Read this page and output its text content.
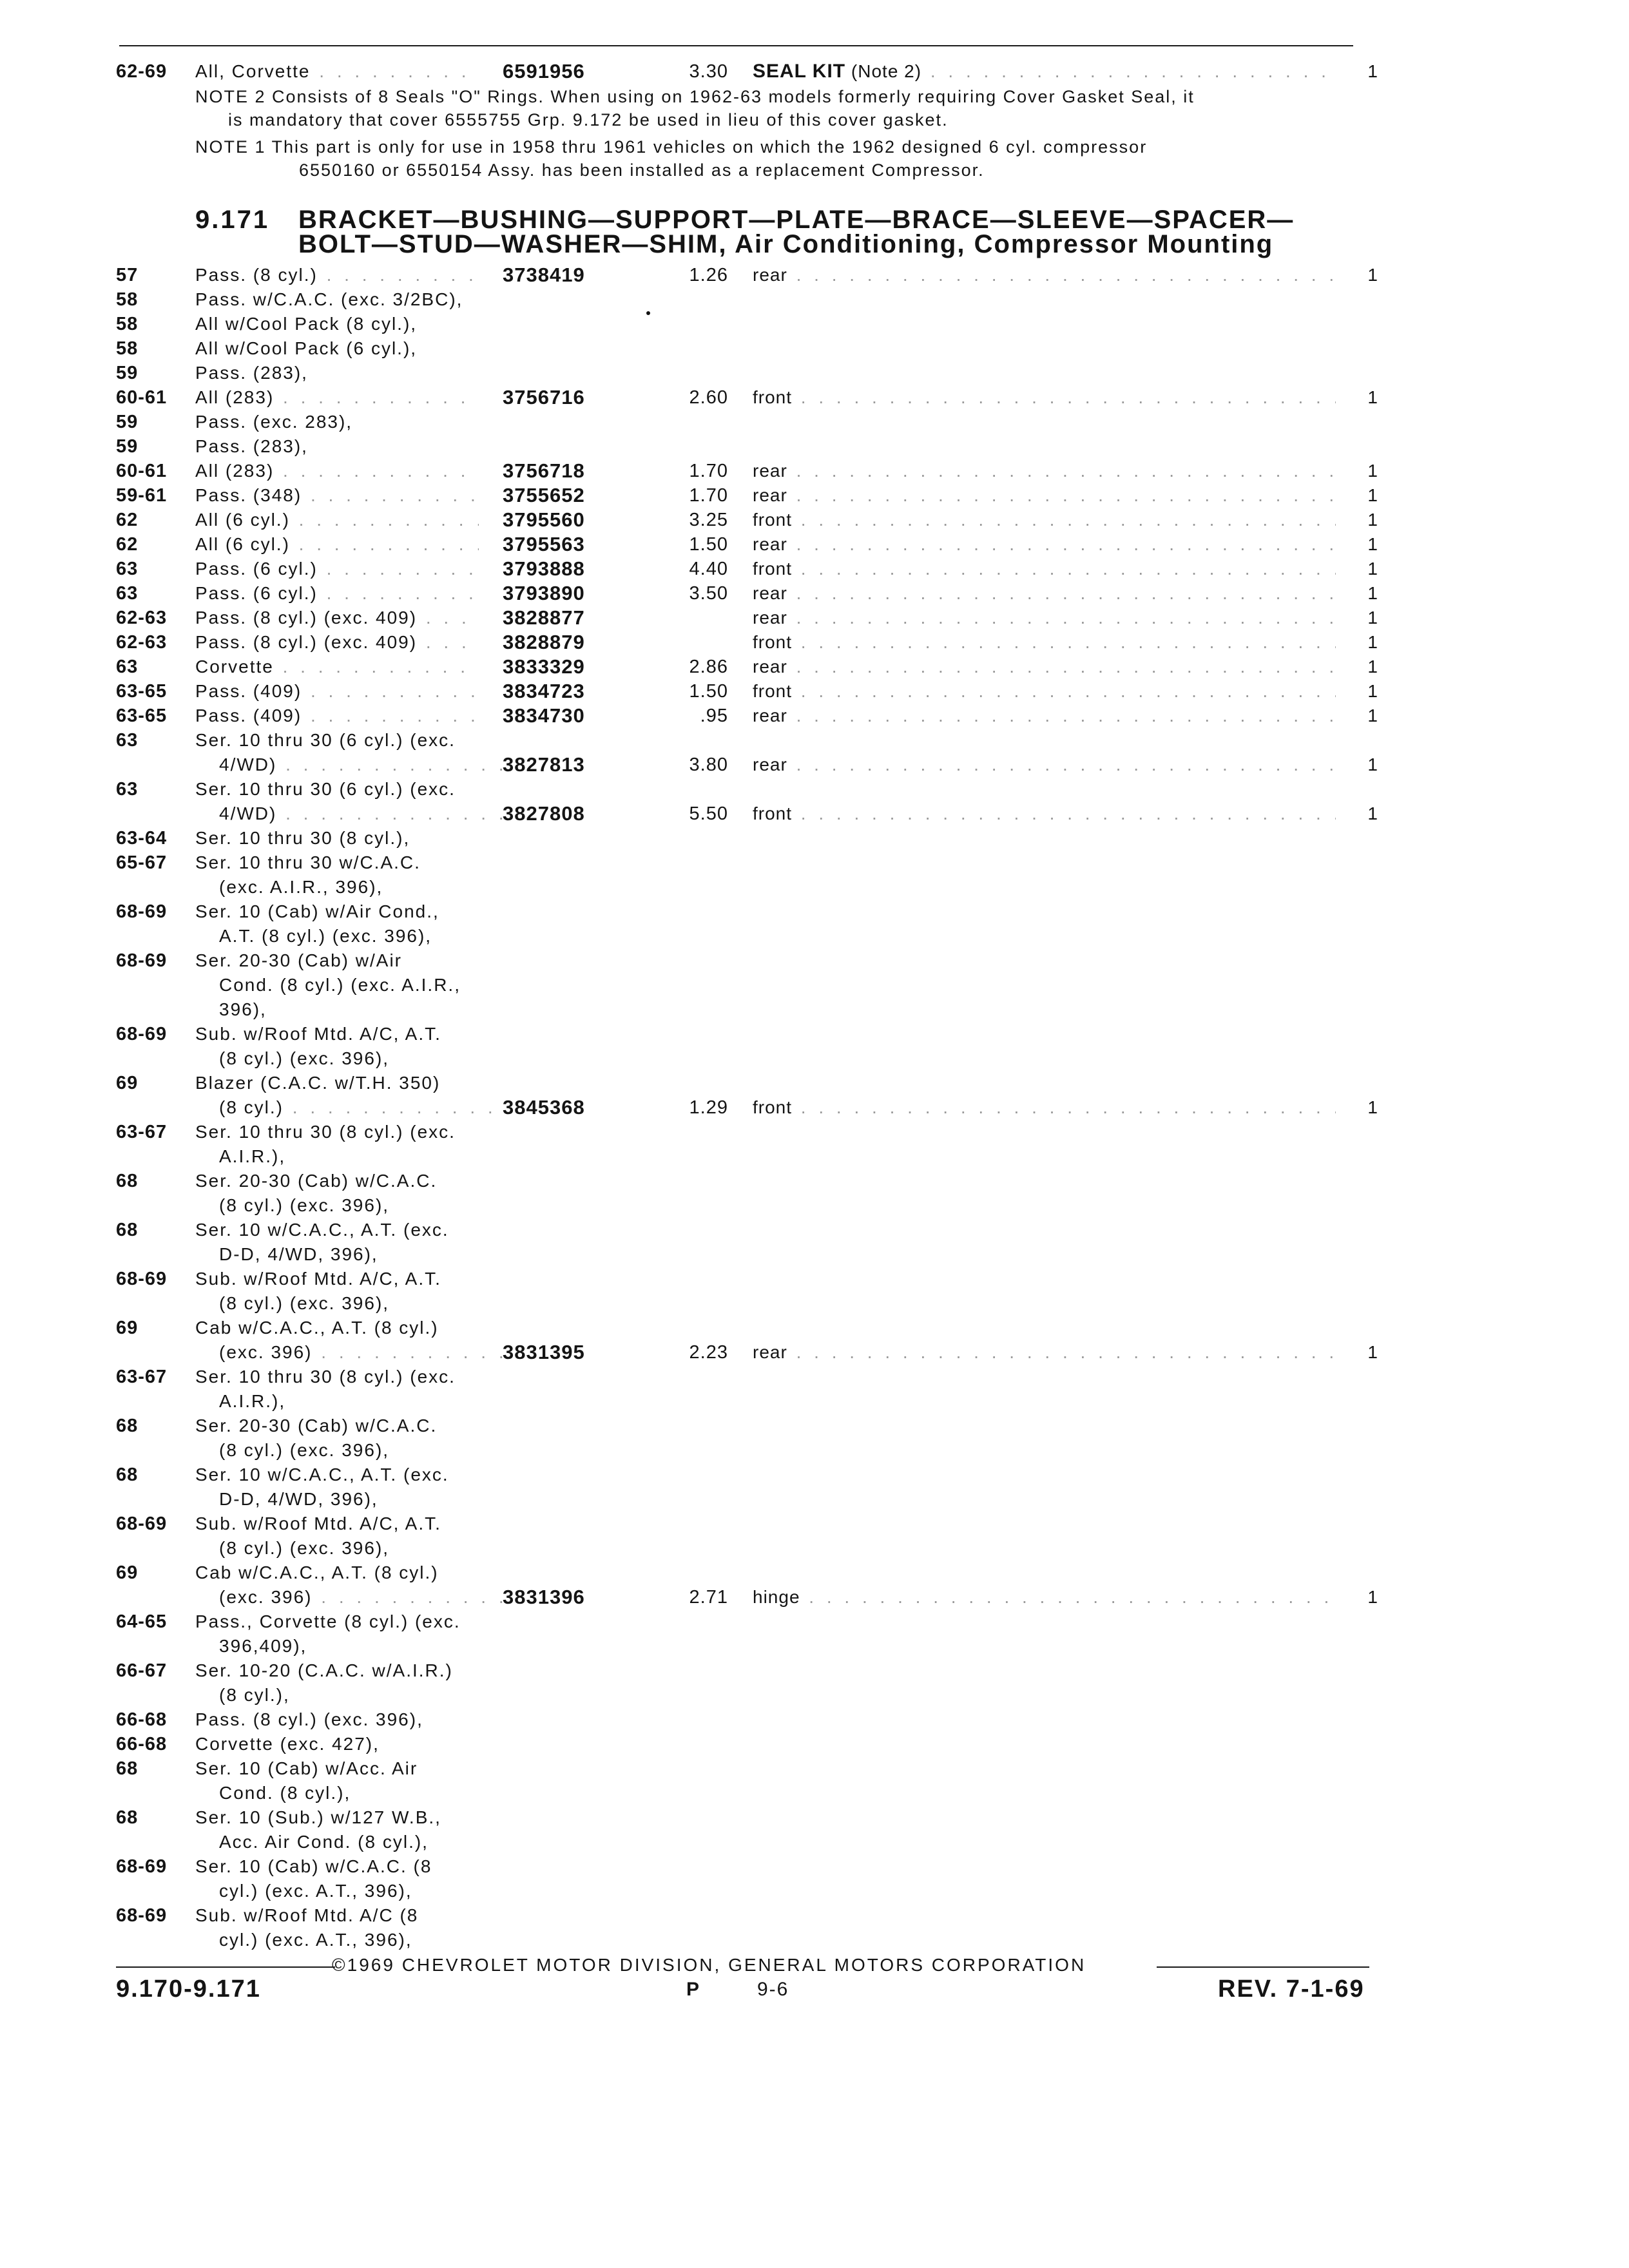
62-69 All, Corvette . . .	6591956	3.30 SEAL KIT (Note 2) . . .	1
NOTE 2 Consists of 8 Seals "O" Rings. When using on 1962-63 models formerly requiring Cover Gasket Seal, it
is mandatory that cover 6555755 Grp. 9.172 be used in lieu of this cover gasket.
NOTE 1 This part is only for use in 1958 thru 1961 vehicles on which the 1962 designed 6 cyl. compressor
6550160 or 6550154 Assy. has been installed as a replacement Compressor.
9.171 BRACKET—BUSHING—SUPPORT—PLATE—BRACE—SLEEVE—SPACER—
BOLT—STUD—WASHER—SHIM, Air Conditioning, Compressor Mounting
57	Pass. (8 cyl.) . . .	3738419	1.26 rear . . .	1
58	Pass. w/C.A.C. (exc. 3/2BC),
58	All w/Cool Pack (8 cyl.),
58	All w/Cool Pack (6 cyl.),
59	Pass. (283),
60-61 All (283) . . .	3756716	2.60 front . . .	1
59	Pass. (exc. 283),
59	Pass. (283),
60-61 All (283) . . .	3756718	1.70 rear . . .	1
59-61 Pass. (348) . . .	3755652	1.70 rear . . .	1
62	All (6 cyl.) . . .	3795560	3.25 front . . .	1
62	All (6 cyl.) . . .	3795563	1.50 rear . . .	1
63	Pass. (6 cyl.) . . .	3793888	4.40 front . . .	1
63	Pass. (6 cyl.) . . .	3793890	3.50 rear . . .	1
62-63 Pass. (8 cyl.) (exc. 409) . . .	3828877	rear . . .	1
62-63 Pass. (8 cyl.) (exc. 409) . . .	3828879	front . . .	1
63	Corvette . . .	3833329	2.86 rear . . .	1
63-65 Pass. (409) . . .	3834723	1.50 front . . .	1
63-65 Pass. (409) . . .	3834730	.95 rear . . .	1
63	Ser. 10 thru 30 (6 cyl.) (exc.
4/WD) . . .	3827813	3.80 rear . . .	1
63	Ser. 10 thru 30 (6 cyl.) (exc.
4/WD) . . .	3827808	5.50 front . . .	1
63-64 Ser. 10 thru 30 (8 cyl.),
65-67 Ser. 10 thru 30 w/C.A.C.
(exc. A.I.R., 396),
68-69 Ser. 10 (Cab) w/Air Cond.,
A.T. (8 cyl.) (exc. 396),
68-69 Ser. 20-30 (Cab) w/Air
Cond. (8 cyl.) (exc. A.I.R.,
396),
68-69 Sub. w/Roof Mtd. A/C, A.T.
(8 cyl.) (exc. 396),
69	Blazer (C.A.C. w/T.H. 350)
(8 cyl.) . . .	3845368	1.29 front . . .	1
63-67 Ser. 10 thru 30 (8 cyl.) (exc.
A.I.R.),
68	Ser. 20-30 (Cab) w/C.A.C.
(8 cyl.) (exc. 396),
68	Ser. 10 w/C.A.C., A.T. (exc.
D-D, 4/WD, 396),
68-69 Sub. w/Roof Mtd. A/C, A.T.
(8 cyl.) (exc. 396),
69	Cab w/C.A.C., A.T. (8 cyl.)
(exc. 396) . . .	3831395	2.23 rear . . .	1
63-67 Ser. 10 thru 30 (8 cyl.) (exc.
A.I.R.),
68	Ser. 20-30 (Cab) w/C.A.C.
(8 cyl.) (exc. 396),
68	Ser. 10 w/C.A.C., A.T. (exc.
D-D, 4/WD, 396),
68-69 Sub. w/Roof Mtd. A/C, A.T.
(8 cyl.) (exc. 396),
69	Cab w/C.A.C., A.T. (8 cyl.)
(exc. 396) . . .	3831396	2.71 hinge . . .	1
64-65 Pass., Corvette (8 cyl.) (exc.
396,409),
66-67 Ser. 10-20 (C.A.C. w/A.I.R.)
(8 cyl.),
66-68 Pass. (8 cyl.) (exc. 396),
66-68 Corvette (exc. 427),
68	Ser. 10 (Cab) w/Acc. Air
Cond. (8 cyl.),
68	Ser. 10 (Sub.) w/127 W.B.,
Acc. Air Cond. (8 cyl.),
68-69 Ser. 10 (Cab) w/C.A.C. (8
cyl.) (exc. A.T., 396),
68-69 Sub. w/Roof Mtd. A/C (8
cyl.) (exc. A.T., 396),
©1969 CHEVROLET MOTOR DIVISION, GENERAL MOTORS CORPORATION
9.170-9.171	P	9-6	REV. 7-1-69
